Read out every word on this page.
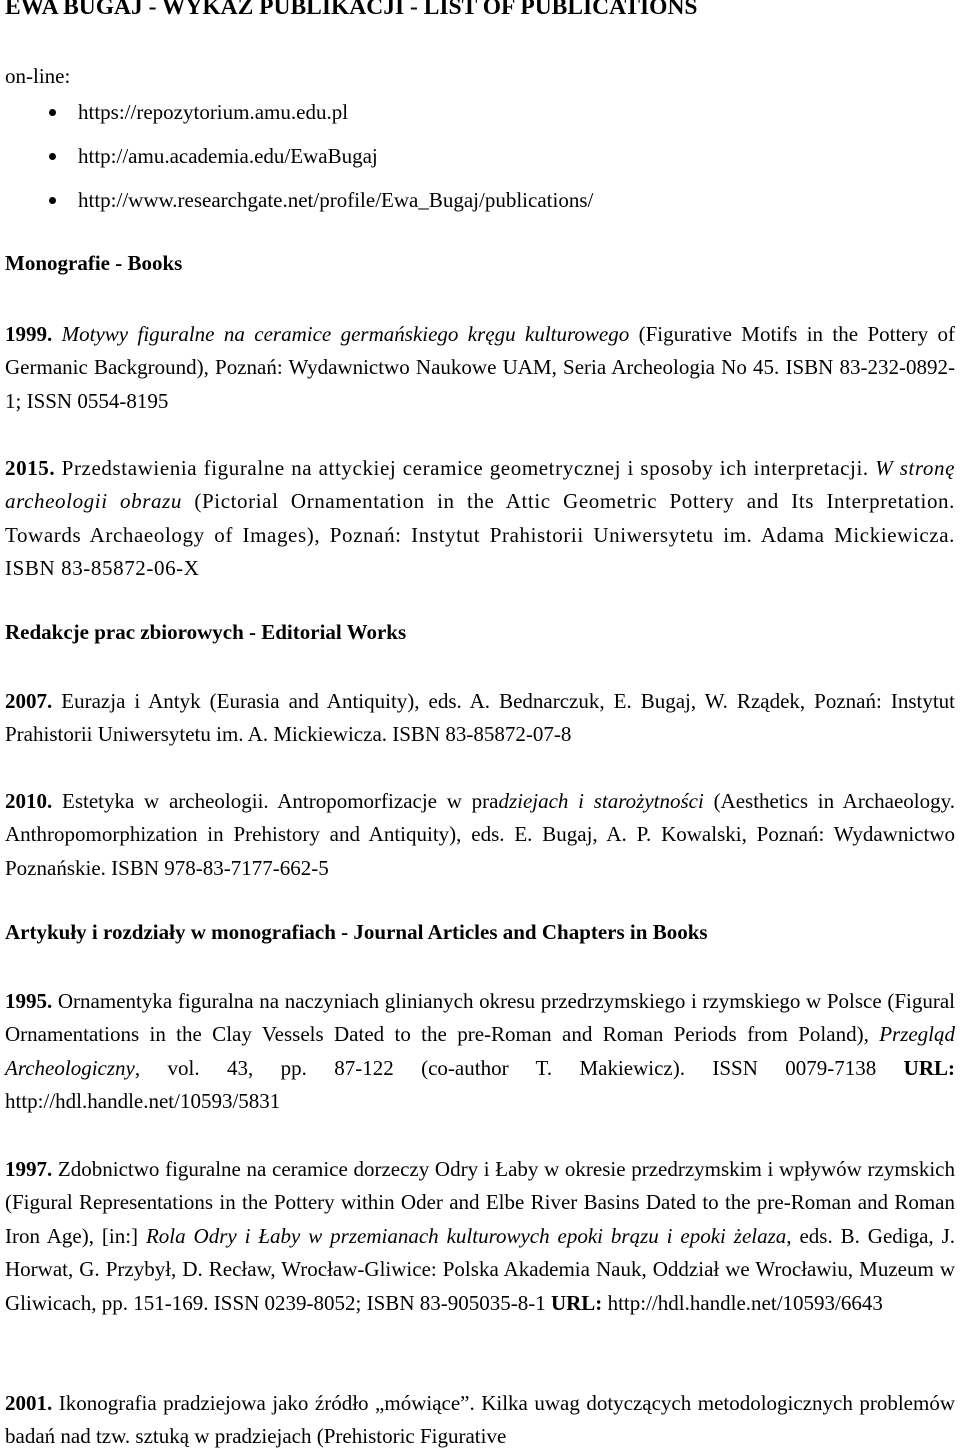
EWA BUGAJ - WYKAZ PUBLIKACJI - LIST OF PUBLICATIONS
on-line:
https://repozytorium.amu.edu.pl
http://amu.academia.edu/EwaBugaj
http://www.researchgate.net/profile/Ewa_Bugaj/publications/
Monografie - Books
1999. Motywy figuralne na ceramice germańskiego kręgu kulturowego (Figurative Motifs in the Pottery of Germanic Background), Poznań: Wydawnictwo Naukowe UAM, Seria Archeologia No 45. ISBN 83-232-0892-1; ISSN 0554-8195
2015. Przedstawienia figuralne na attyckiej ceramice geometrycznej i sposoby ich interpretacji. W stronę archeologii obrazu (Pictorial Ornamentation in the Attic Geometric Pottery and Its Interpretation. Towards Archaeology of Images), Poznań: Instytut Prahistorii Uniwersytetu im. Adama Mickiewicza. ISBN 83-85872-06-X
Redakcje prac zbiorowych - Editorial Works
2007. Eurazja i Antyk (Eurasia and Antiquity), eds. A. Bednarczuk, E. Bugaj, W. Rządek, Poznań: Instytut Prahistorii Uniwersytetu im. A. Mickiewicza. ISBN 83-85872-07-8
2010. Estetyka w archeologii. Antropomorfizacje w pradziejach i starożytności (Aesthetics in Archaeology. Anthropomorphization in Prehistory and Antiquity), eds. E. Bugaj, A. P. Kowalski, Poznań: Wydawnictwo Poznańskie. ISBN 978-83-7177-662-5
Artykuły i rozdziały w monografiach - Journal Articles and Chapters in Books
1995. Ornamentyka figuralna na naczyniach glinianych okresu przedrzymskiego i rzymskiego w Polsce (Figural Ornamentations in the Clay Vessels Dated to the pre-Roman and Roman Periods from Poland), Przegląd Archeologiczny, vol. 43, pp. 87-122 (co-author T. Makiewicz). ISSN 0079-7138 URL: http://hdl.handle.net/10593/5831
1997. Zdobnictwo figuralne na ceramice dorzeczy Odry i Łaby w okresie przedrzymskim i wpływów rzymskich (Figural Representations in the Pottery within Oder and Elbe River Basins Dated to the pre-Roman and Roman Iron Age), [in:] Rola Odry i Łaby w przemianach kulturowych epoki brązu i epoki żelaza, eds. B. Gediga, J. Horwat, G. Przybył, D. Recław, Wrocław-Gliwice: Polska Akademia Nauk, Oddział we Wrocławiu, Muzeum w Gliwicach, pp. 151-169. ISSN 0239-8052; ISBN 83-905035-8-1 URL: http://hdl.handle.net/10593/6643
2001. Ikonografia pradziejowa jako źródło „mówiące”. Kilka uwag dotyczących metodologicznych problemów badań nad tzw. sztuką w pradziejach (Prehistoric Figurative
